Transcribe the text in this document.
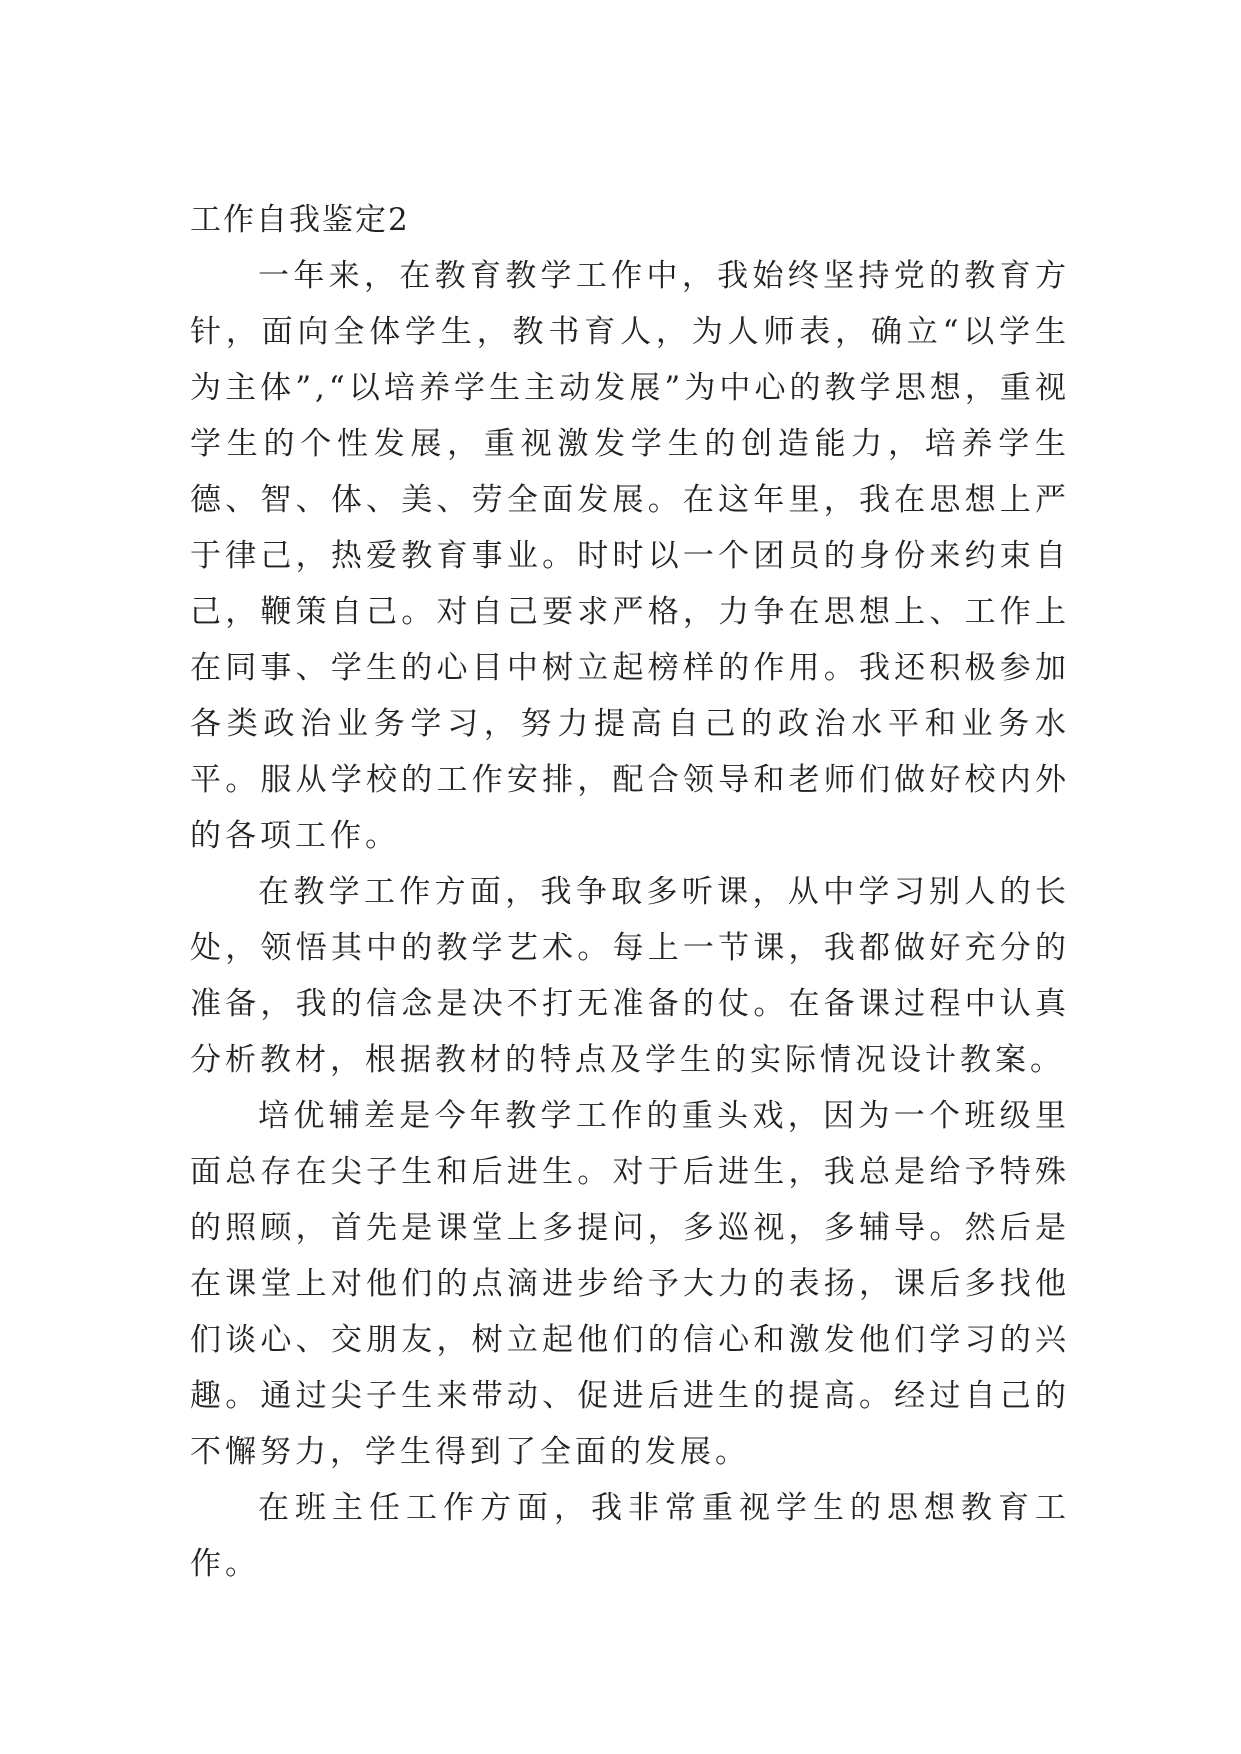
工作自我鉴定2

一年来，在教育教学工作中，我始终坚持党的教育方针，面向全体学生，教书育人，为人师表，确立“以学生为主体”,“以培养学生主动发展”为中心的教学思想，重视学生的个性发展，重视激发学生的创造能力，培养学生德、智、体、美、劳全面发展。在这年里，我在思想上严于律己，热爱教育事业。时时以一个团员的身份来约束自己，鞭策自己。对自己要求严格，力争在思想上、工作上在同事、学生的心目中树立起榜样的作用。我还积极参加各类政治业务学习，努力提高自己的政治水平和业务水平。服从学校的工作安排，配合领导和老师们做好校内外的各项工作。

在教学工作方面，我争取多听课，从中学习别人的长处，领悟其中的教学艺术。每上一节课，我都做好充分的准备，我的信念是决不打无准备的仗。在备课过程中认真分析教材，根据教材的特点及学生的实际情况设计教案。

培优辅差是今年教学工作的重头戏，因为一个班级里面总存在尖子生和后进生。对于后进生，我总是给予特殊的照顾，首先是课堂上多提问，多巡视，多辅导。然后是在课堂上对他们的点滴进步给予大力的表扬，课后多找他们谈心、交朋友，树立起他们的信心和激发他们学习的兴趣。通过尖子生来带动、促进后进生的提高。经过自己的不懈努力，学生得到了全面的发展。

在班主任工作方面，我非常重视学生的思想教育工作。
